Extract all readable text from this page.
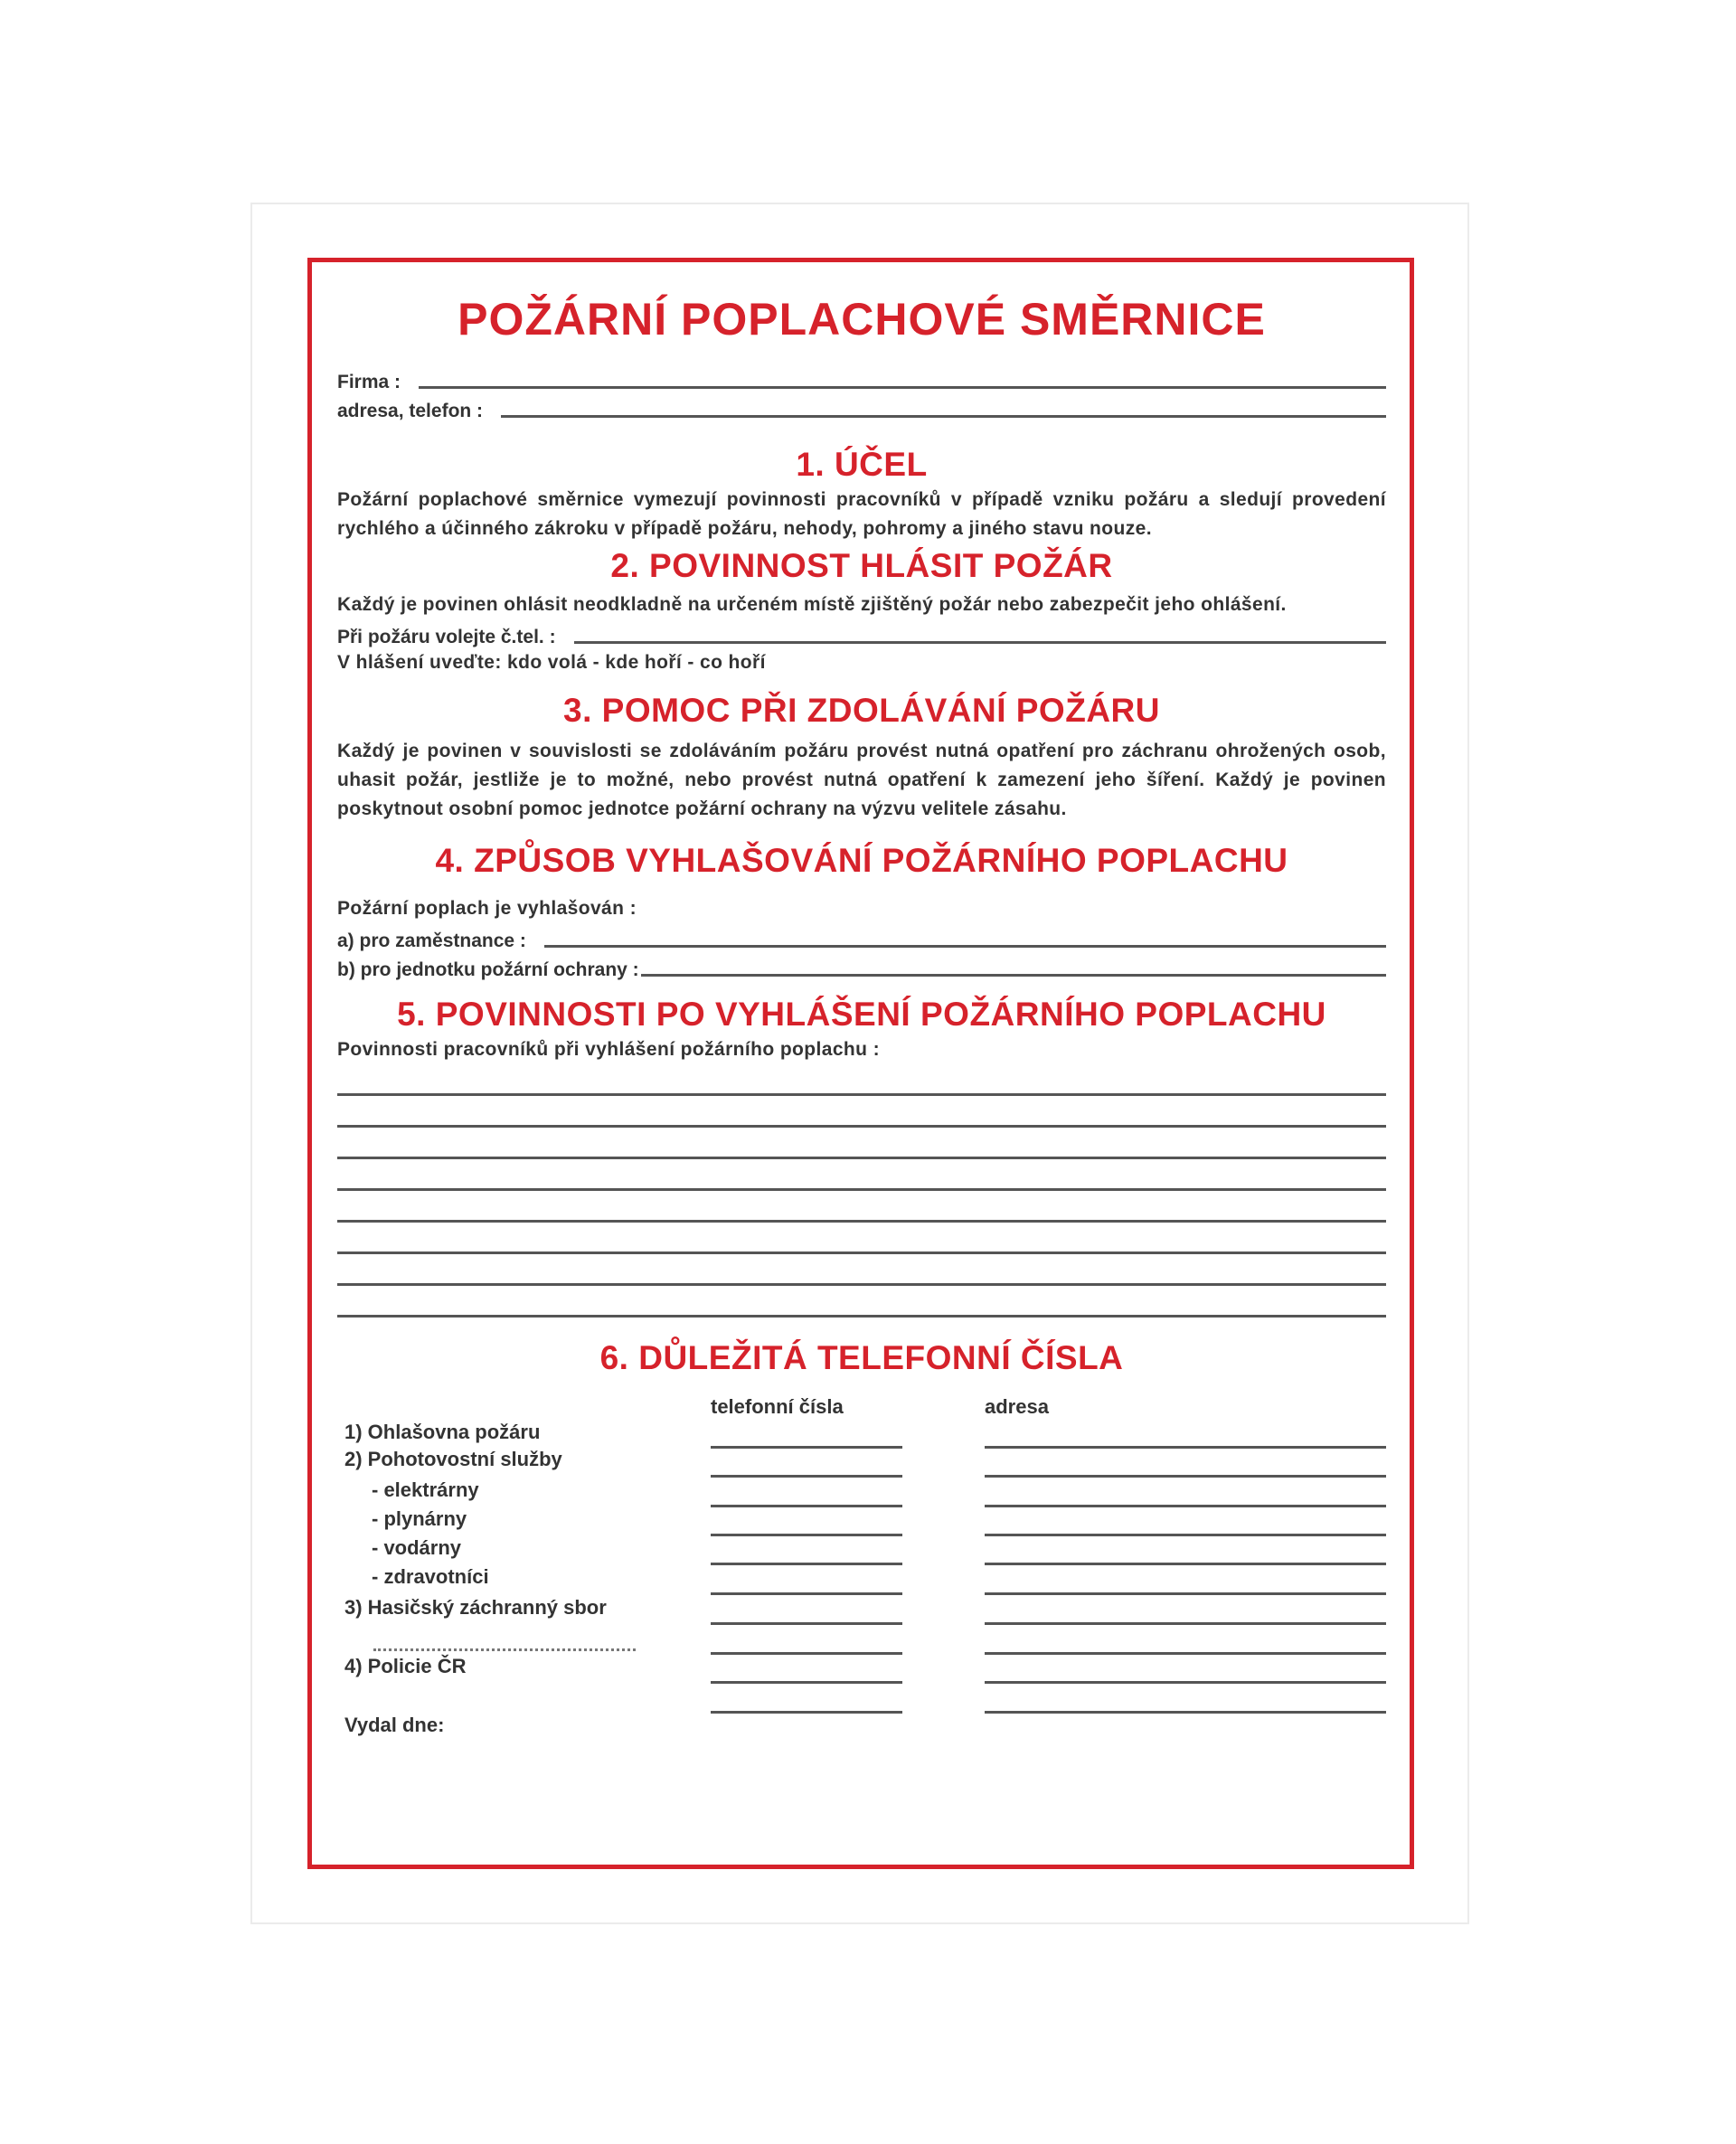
POŽÁRNÍ POPLACHOVÉ SMĚRNICE
Firma :
adresa, telefon :
1. ÚČEL
Požární poplachové směrnice vymezují povinnosti pracovníků v případě vzniku požáru a sledují provedení rychlého a účinného zákroku v případě požáru, nehody, pohromy a jiného stavu nouze.
2. POVINNOST HLÁSIT POŽÁR
Každý je povinen ohlásit neodkladně na určeném místě zjištěný požár nebo zabezpečit jeho ohlášení.
Při požáru volejte č.tel. :
V hlášení uveďte: kdo volá - kde hoří - co hoří
3. POMOC PŘI ZDOLÁVÁNÍ POŽÁRU
Každý je povinen v souvislosti se zdoláváním požáru provést nutná opatření pro záchranu ohrožených osob, uhasit požár, jestliže je to možné, nebo provést nutná opatření k zamezení jeho šíření. Každý je povinen poskytnout osobní pomoc jednotce požární ochrany na výzvu velitele zásahu.
4. ZPŮSOB VYHLAŠOVÁNÍ POŽÁRNÍHO POPLACHU
Požární poplach je vyhlašován :
a) pro zaměstnance :
b) pro jednotku požární ochrany :
5. POVINNOSTI PO VYHLÁŠENÍ POŽÁRNÍHO POPLACHU
Povinnosti pracovníků při vyhlášení požárního poplachu :
6. DŮLEŽITÁ TELEFONNÍ ČÍSLA
telefonní čísla	adresa
1) Ohlašovna požáru
2) Pohotovostní služby
- elektrárny
- plynárny
- vodárny
- zdravotníci
3) Hasičský záchranný sbor
4) Policie ČR
Vydal dne:
